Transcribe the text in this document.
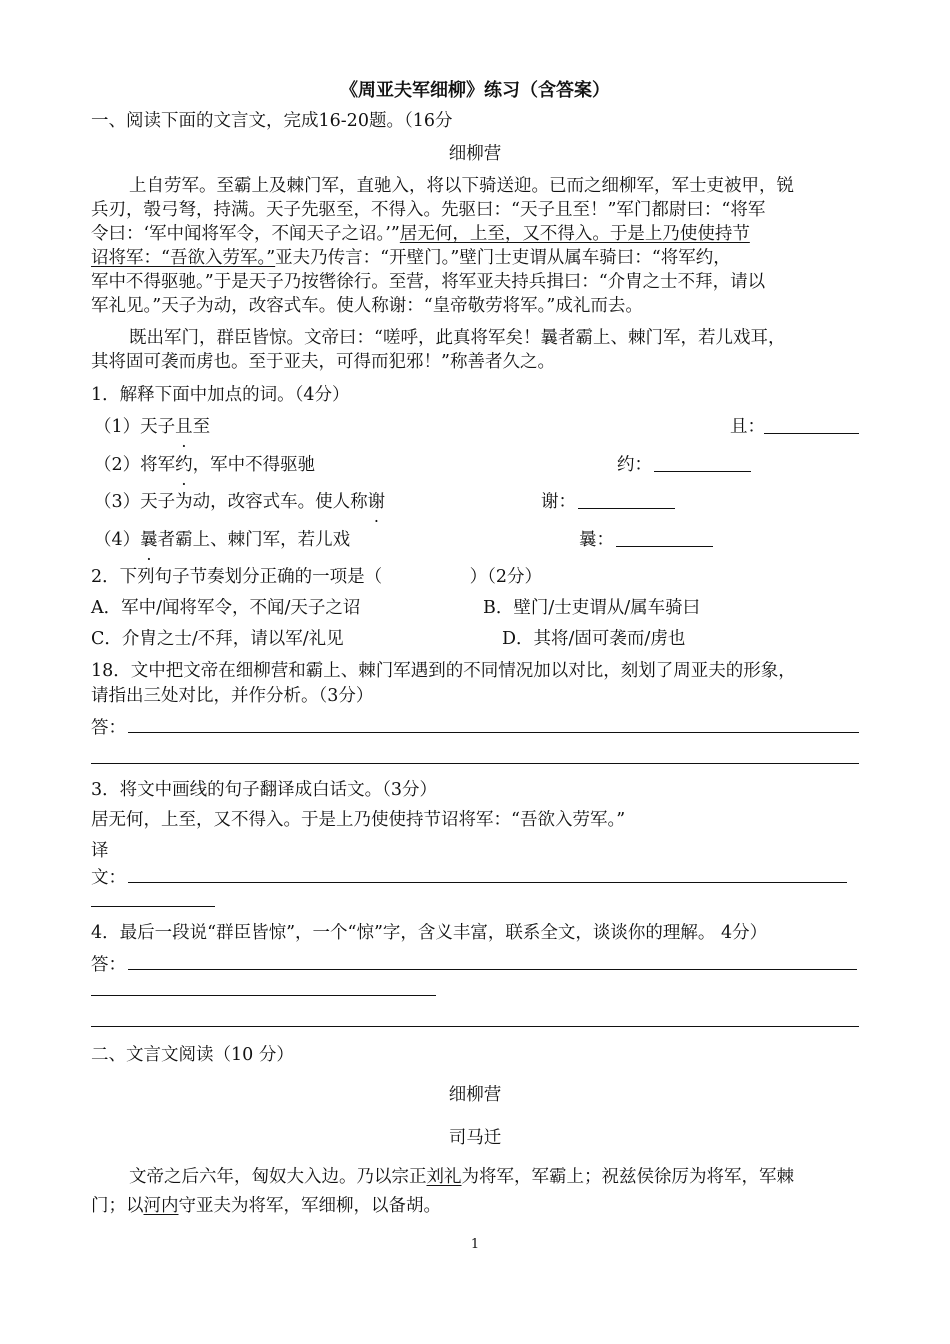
《周亚夫军细柳》练习（含答案）
一、阅读下面的文言文，完成16-20题。（16分
细柳营
上自劳军。至霸上及棘门军，直驰入，将以下骑送迎。已而之细柳军，军士吏被甲，锐
兵刃，彀弓弩，持满。天子先驱至，不得入。先驱曰：“天子且至！”军门都尉曰：“将军
令曰：‘军中闻将军令，不闻天子之诏。’”居无何，上至，又不得入。于是上乃使使持节
诏将军：“吾欲入劳军。”亚夫乃传言：“开壁门。”壁门士吏谓从属车骑曰：“将军约，
军中不得驱驰。”于是天子乃按辔徐行。至营，将军亚夫持兵揖曰：“介胄之士不拜，请以
军礼见。”天子为动，改容式车。使人称谢：“皇帝敬劳将军。”成礼而去。
既出军门，群臣皆惊。文帝曰：“嗟呼，此真将军矣！曩者霸上、棘门军，若儿戏耳，
其将固可袭而虏也。至于亚夫，可得而犯邪！”称善者久之。
1．解释下面中加点的词。（4分）
（1）天子且至	且：
（2）将军约，军中不得驱驰	约：
（3）天子为动，改容式车。使人称谢	谢：
（4）曩者霸上、棘门军，若儿戏	曩：
2．下列句子节奏划分正确的一项是（　　　　　）（2分）
A．军中/闻将军令，不闻/天子之诏	B．壁门/士吏谓从/属车骑曰
C．介胄之士/不拜，请以军/礼见	D．其将/固可袭而/虏也
18．文中把文帝在细柳营和霸上、棘门军遇到的不同情况加以对比，刻划了周亚夫的形象，
请指出三处对比，并作分析。（3分）
答：
3．将文中画线的句子翻译成白话文。（3分）
居无何，上至，又不得入。于是上乃使使持节诏将军：“吾欲入劳军。”
译
文：
4．最后一段说“群臣皆惊”，一个“惊”字，含义丰富，联系全文，谈谈你的理解。 4分）
答：
二、文言文阅读（10 分）
细柳营
司马迁
文帝之后六年，匈奴大入边。乃以宗正刘礼为将军，军霸上；祝兹侯徐厉为将军，军棘
门；以河内守亚夫为将军，军细柳，以备胡。
1
